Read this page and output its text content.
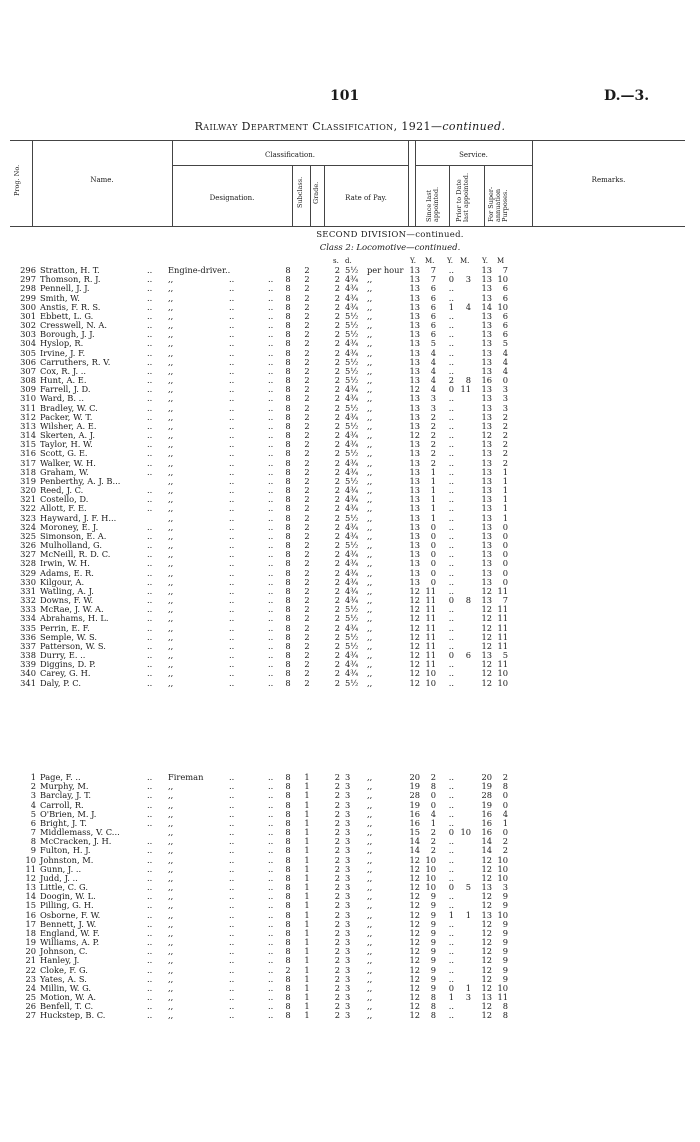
101	D.—3.
Railway Department Classification, 1921—continued.
Prog. No.	Name.
Classification.
Designation.	Subclass. Grade.	Rate of Pay.
Service.
Since last appointed. Prior to Date last appointed.	For Super- annuation Purposes.
Remarks.
SECOND DIVISION—continued.
Class 2: Locomotive—continued.
s. d.	Y. M. Y. M. Y. M
296 Stratton, H. T.	.. Engine-driver..	8 2	2 5½ per hour 13	7	..	13	7
297 Thomson, R. J.	.. ,,	..	8 2	2 4¾ ,,	13	7	0	3	13 10
..
298 Pennell, J. J.	.. ,,	..	8 2	2 4¾ ,,	13	6	..	13	6
..
299 Smith, W.	.. ,,	..	8 2	2 4¾ ,,	13	6	..	13	6
..
300 Anstis, F. R. S.	.. ,,	..	8 2	2 4¾ ,,	13	6	1	4	14 10
..
301 Ebbett, L. G.	.. ,,	..	8 2	2 5½ ,,	13	6	..	13	6
..
302 Cresswell, N. A.	.. ,,	..	8 2	2 5½ ,,	13	6	..	13	6
..
303 Borough, J. J.	.. ,,	..	8 2	2 5½ ,,	13	6	..	13	6
..
304 Hyslop, R.	.. ,,	..	8 2	2 4¾ ,,	13	5	..	13	5
..
305 Irvine, J. F.	.. ,,	..	8 2	2 4¾ ,,	13	4	..	13	4
..
306 Carruthers, R. V.	.. ,,	..	8 2	2 5½ ,,	13	4	..	13	4
..
307 Cox, R. J. ..	.. ,,	..	8 2	2 5½ ,,	13	4	..	13	4
..
308 Hunt, A. E.	.. ,,	..	8 2	2 5½ ,,	13	4	2	8	16	0
..
309 Farrell, J. D.	.. ,,	..	8 2	2 4¾ ,,	12	4	0 11	13	3
..
310 Ward, B. ..	.. ,,	..	8 2	2 4¾ ,,	13	3	..	13	3
..
311 Bradley, W. C.	.. ,,	..	8 2	2 5½ ,,	13	3	..	13	3
..
312 Packer, W. T.	.. ,,	..	8 2	2 4¾ ,,	13	2	..	13	2
..
313 Wilsher, A. E.	.. ,,	..	8 2	2 5½ ,,	13	2	..	13	2
..
314 Skerten, A. J.	.. ,,	..	8 2	2 4¾ ,,	12	2	..	12	2
..
315 Taylor, H. W.	.. ,,	..	8 2	2 4¾ ,,	13	2	..	13	2
..
316 Scott, G. E.	.. ,,	..	8 2	2 5½ ,,	13	2	..	13	2
..
317 Walker, W. H.	.. ,,	..	8 2	2 4¾ ,,	13	2	..	13	2
..
318 Graham, W.	.. ,,	..	8 2	2 4¾ ,,	13	1	..	13	1
..
319 Penberthy, A. J. B...	,,	..	8 2	2 5½ ,,	13	1	..	13	1
..
320 Reed, J. C.	.. ,,	..	8 2	2 4¾ ,,	13	1	..	13	1
..
321 Costello, D.	.. ,,	..	8 2	2 4¾ ,,	13	1	..	13	1
..
322 Allott, F. E.	.. ,,	..	8 2	2 4¾ ,,	13	1	..	13	1
..
323 Hayward, J. F. H...	,,	..	8 2	2 5½ ,,	13	1	..	13	1
..
324 Moroney, E. J.	.. ,,	..	8 2	2 4¾ ,,	13	0	..	13	0
..
325 Simonson, E. A.	.. ,,	..	8 2	2 4¾ ,,	13	0	..	13	0
..
326 Mulholland, G.	.. ,,	..	8 2	2 5½ ,,	13	0	..	13	0
..
327 McNeill, R. D. C.	.. ,,	..	8 2	2 4¾ ,,	13	0	..	13	0
..
328 Irwin, W. H.	.. ,,	..	8 2	2 4¾ ,,	13	0	..	13	0
..
329 Adams, E. R.	.. ,,	..	8 2	2 4¾ ,,	13	0	..	13	0
..
330 Kilgour, A.	.. ,,	..	8 2	2 4¾ ,,	13	0	..	13	0
..
331 Watling, A. J.	.. ,,	..	8 2	2 4¾ ,,	12 11	..	12 11
..
332 Downs, F. W.	.. ,,	..	8 2	2 4¾ ,,	12 11	0	8	13	7
..
333 McRae, J. W. A.	.. ,,	..	8 2	2 5½ ,,	12 11	..	12 11
..
334 Abrahams, H. L.	.. ,,	..	8 2	2 5½ ,,	12 11	..	12 11
..
335 Perrin, E. F.	.. ,,	..	8 2	2 4¾ ,,	12 11	..	12 11
..
336 Semple, W. S.	.. ,,	..	8 2	2 5½ ,,	12 11	..	12 11
..
337 Patterson, W. S.	.. ,,	..	8 2	2 5½ ,,	12 11	..	12 11
..
338 Durry, E. ..	.. ,,	..	8 2	2 4¾ ,,	12 11	0	6	13	5
..
339 Diggins, D. P.	.. ,,	..	8 2	2 4¾ ,,	12 11	..	12 11
..
340 Carey, G. H.	.. ,,	..	8 2	2 4¾ ,,	12 10	..	12 10
..
341 Daly, P. C.	.. ,,	..	8 2	2 5½ ,,	12 10	..	12 10
..
1 Page, F. ..	.. Fireman	..	8 1	2 3	,,	20	2	..	20	2
..
2 Murphy, M.	.. ,,	..	8 1	2 3	,,	19	8	..	19	8
..
3 Barclay, J. T.	.. ,,	..	8 1	2 3	,,	28	0	..	28	0
..
4 Carroll, R.	.. ,,	..	8 1	2 3	,,	19	0	..	19	0
..
5 O'Brien, M. J.	.. ,,	..	8 1	2 3	,,	16	4	..	16	4
..
6 Bright, J. T.	.. ,,	..	8 1	2 3	,,	16	1	..	16	1
..
7 Middlemass, V. C...	,,	..	8 1	2 3	,,	15	2	0 10	16	0
..
8 McCracken, J. H.	.. ,,	..	8 1	2 3	,,	14	2	..	14	2
..
9 Fulton, H. J.	.. ,,	..	8 1	2 3	,,	14	2	..	14	2
..
10 Johnston, M.	.. ,,	..	8 1	2 3	,,	12 10	..	12 10
..
11 Gunn, J. ..	.. ,,	..	8 1	2 3	,,	12 10	..	12 10
..
12 Judd, J. ..	.. ,,	..	8 1	2 3	,,	12 10	..	12 10
..
13 Little, C. G.	.. ,,	..	8 1	2 3	,,	12 10	0	5	13	3
..
14 Doogin, W. L.	.. ,,	..	8 1	2 3	,,	12	9	..	12	9
..
15 Pilling, G. H.	.. ,,	..	8 1	2 3	,,	12	9	..	12	9
..
16 Osborne, F. W.	.. ,,	..	8 1	2 3	,,	12	9	1	1	13 10
..
17 Bennett, J. W.	.. ,,	..	8 1	2 3	,,	12	9	..	12	9
..
18 England, W. F.	.. ,,	..	8 1	2 3	,,	12	9	..	12	9
..
19 Williams, A. P.	.. ,,	..	8 1	2 3	,,	12	9	..	12	9
..
20 Johnson, C.	.. ,,	..	8 1	2 3	,,	12	9	..	12	9
..
21 Hanley, J.	.. ,,	..	8 1	2 3	,,	12	9	..	12	9
..
22 Cloke, F. G.	.. ,,	..	2 1	2 3	,,	12	9	..	12	9
..
23 Yates, A. S.	.. ,,	..	8 1	2 3	,,	12	9	..	12	9
..
24 Millin, W. G.	.. ,,	..	8 1	2 3	,,	12	9	0	1	12 10
..
25 Motion, W. A.	.. ,,	..	8 1	2 3	,,	12	8	1	3	13 11
..
26 Benfell, T. C.	.. ,,	..	8 1	2 3	,,	12	8	..	12	8
..
27 Huckstep, B. C.	.. ,,	..	8 1	2 3	,,	12	8	..	12	8
..
